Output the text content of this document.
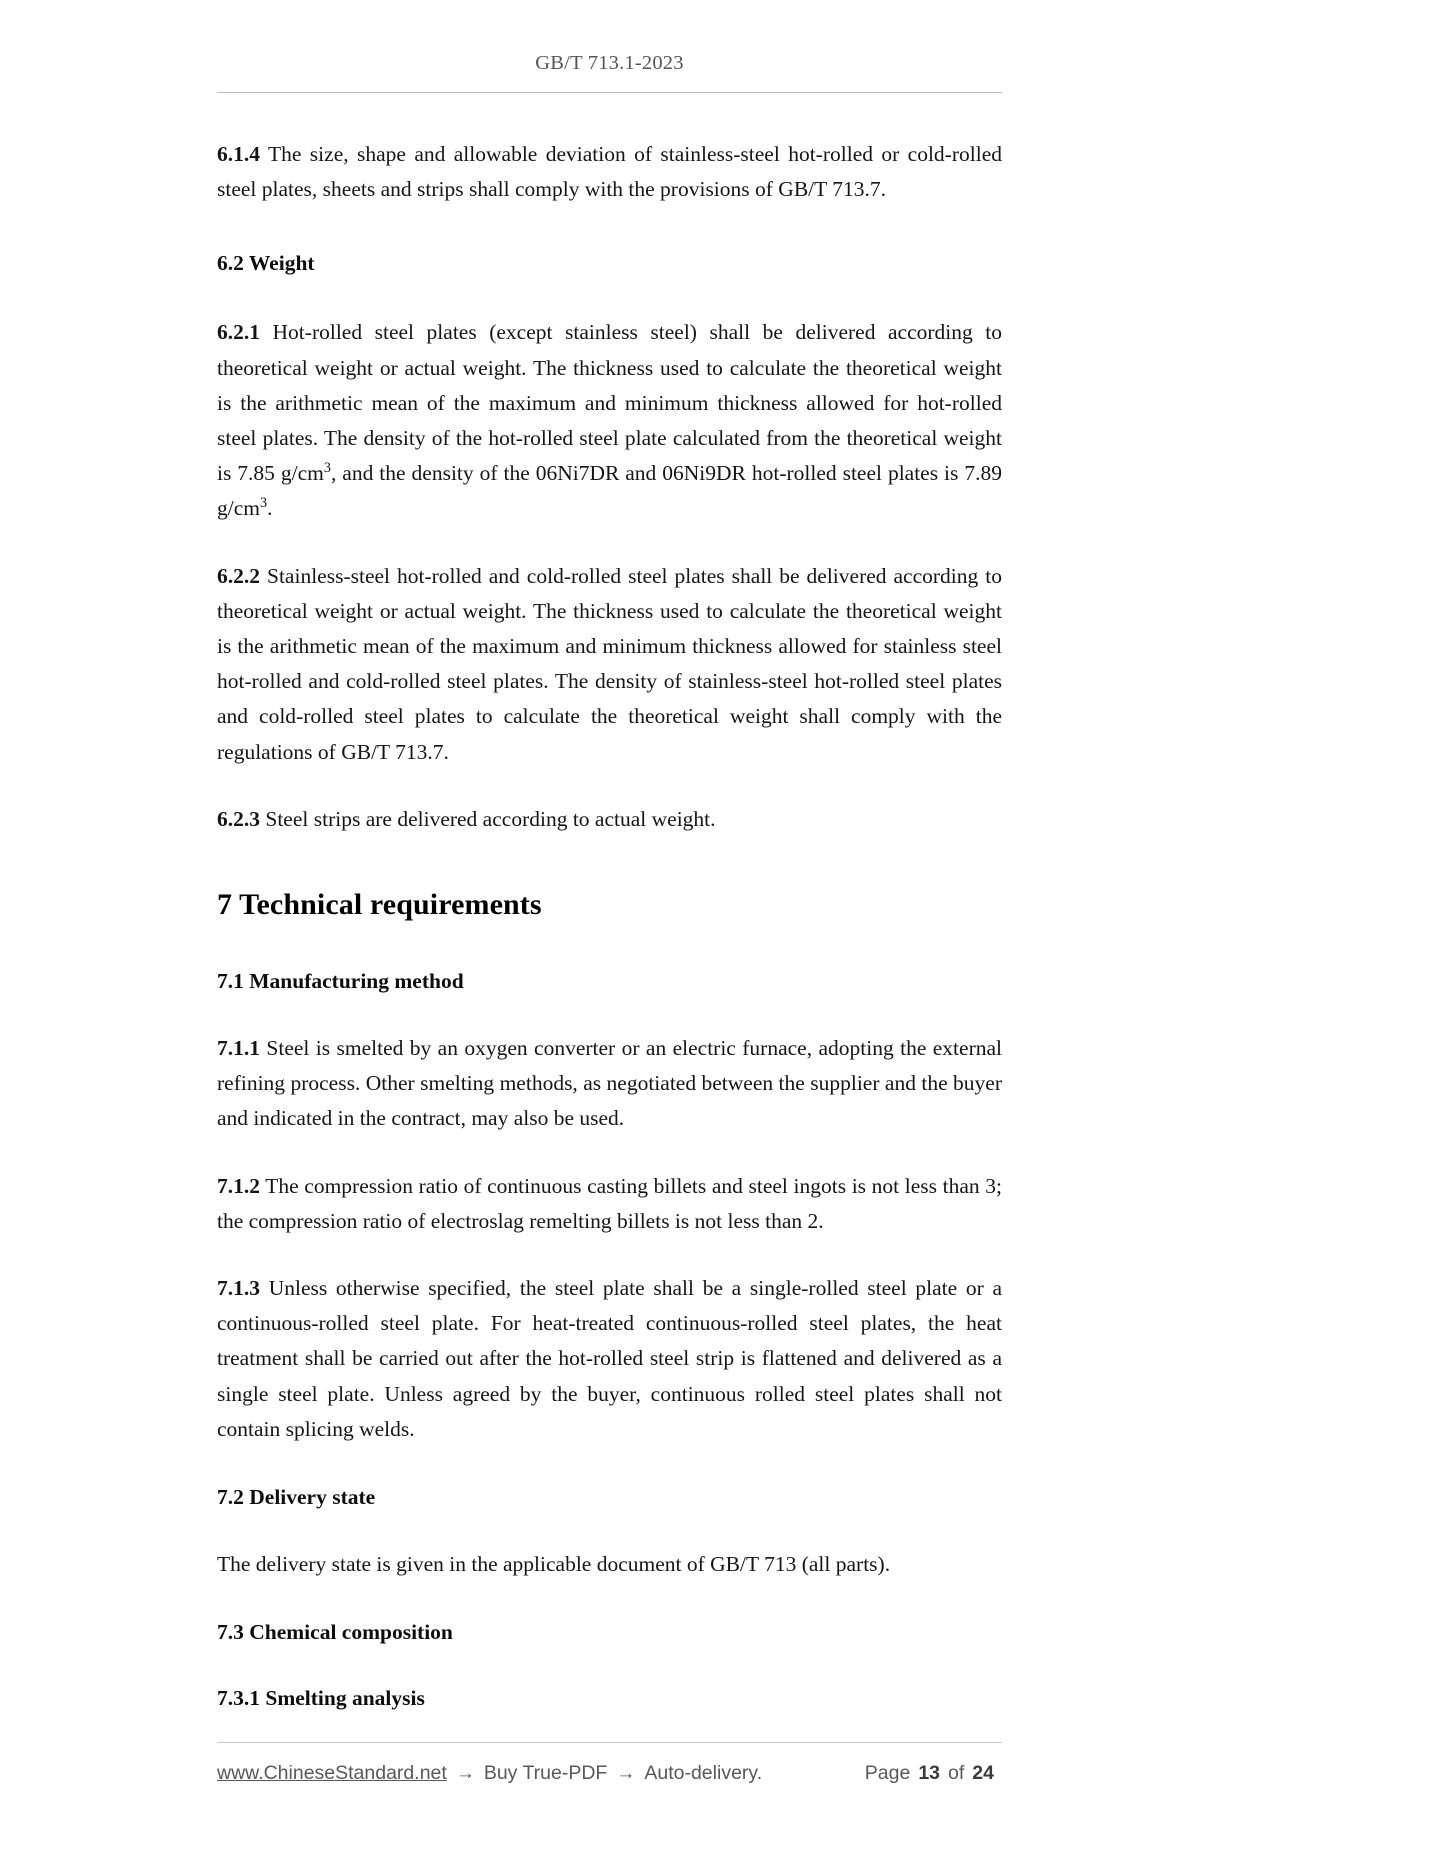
GB/T 713.1-2023

6.1.4 The size, shape and allowable deviation of stainless-steel hot-rolled or cold-rolled steel plates, sheets and strips shall comply with the provisions of GB/T 713.7.

6.2 Weight

6.2.1 Hot-rolled steel plates (except stainless steel) shall be delivered according to theoretical weight or actual weight. The thickness used to calculate the theoretical weight is the arithmetic mean of the maximum and minimum thickness allowed for hot-rolled steel plates. The density of the hot-rolled steel plate calculated from the theoretical weight is 7.85 $g/cm^3$, and the density of the 06Ni7DR and 06Ni9DR hot-rolled steel plates is 7.89 $g/cm^3$.

6.2.2 Stainless-steel hot-rolled and cold-rolled steel plates shall be delivered according to theoretical weight or actual weight. The thickness used to calculate the theoretical weight is the arithmetic mean of the maximum and minimum thickness allowed for stainless steel hot-rolled and cold-rolled steel plates. The density of stainless-steel hot-rolled steel plates and cold-rolled steel plates to calculate the theoretical weight shall comply with the regulations of GB/T 713.7.

6.2.3 Steel strips are delivered according to actual weight.

7 Technical requirements

7.1 Manufacturing method

7.1.1 Steel is smelted by an oxygen converter or an electric furnace, adopting the external refining process. Other smelting methods, as negotiated between the supplier and the buyer and indicated in the contract, may also be used.

7.1.2 The compression ratio of continuous casting billets and steel ingots is not less than 3; the compression ratio of electroslag remelting billets is not less than 2.

7.1.3 Unless otherwise specified, the steel plate shall be a single-rolled steel plate or a continuous-rolled steel plate. For heat-treated continuous-rolled steel plates, the heat treatment shall be carried out after the hot-rolled steel strip is flattened and delivered as a single steel plate. Unless agreed by the buyer, continuous rolled steel plates shall not contain splicing welds.

7.2 Delivery state

The delivery state is given in the applicable document of GB/T 713 (all parts).

7.3 Chemical composition

7.3.1 Smelting analysis

www.ChineseStandard.net → Buy True-PDF → Auto-delivery.	Page 13 of 24
